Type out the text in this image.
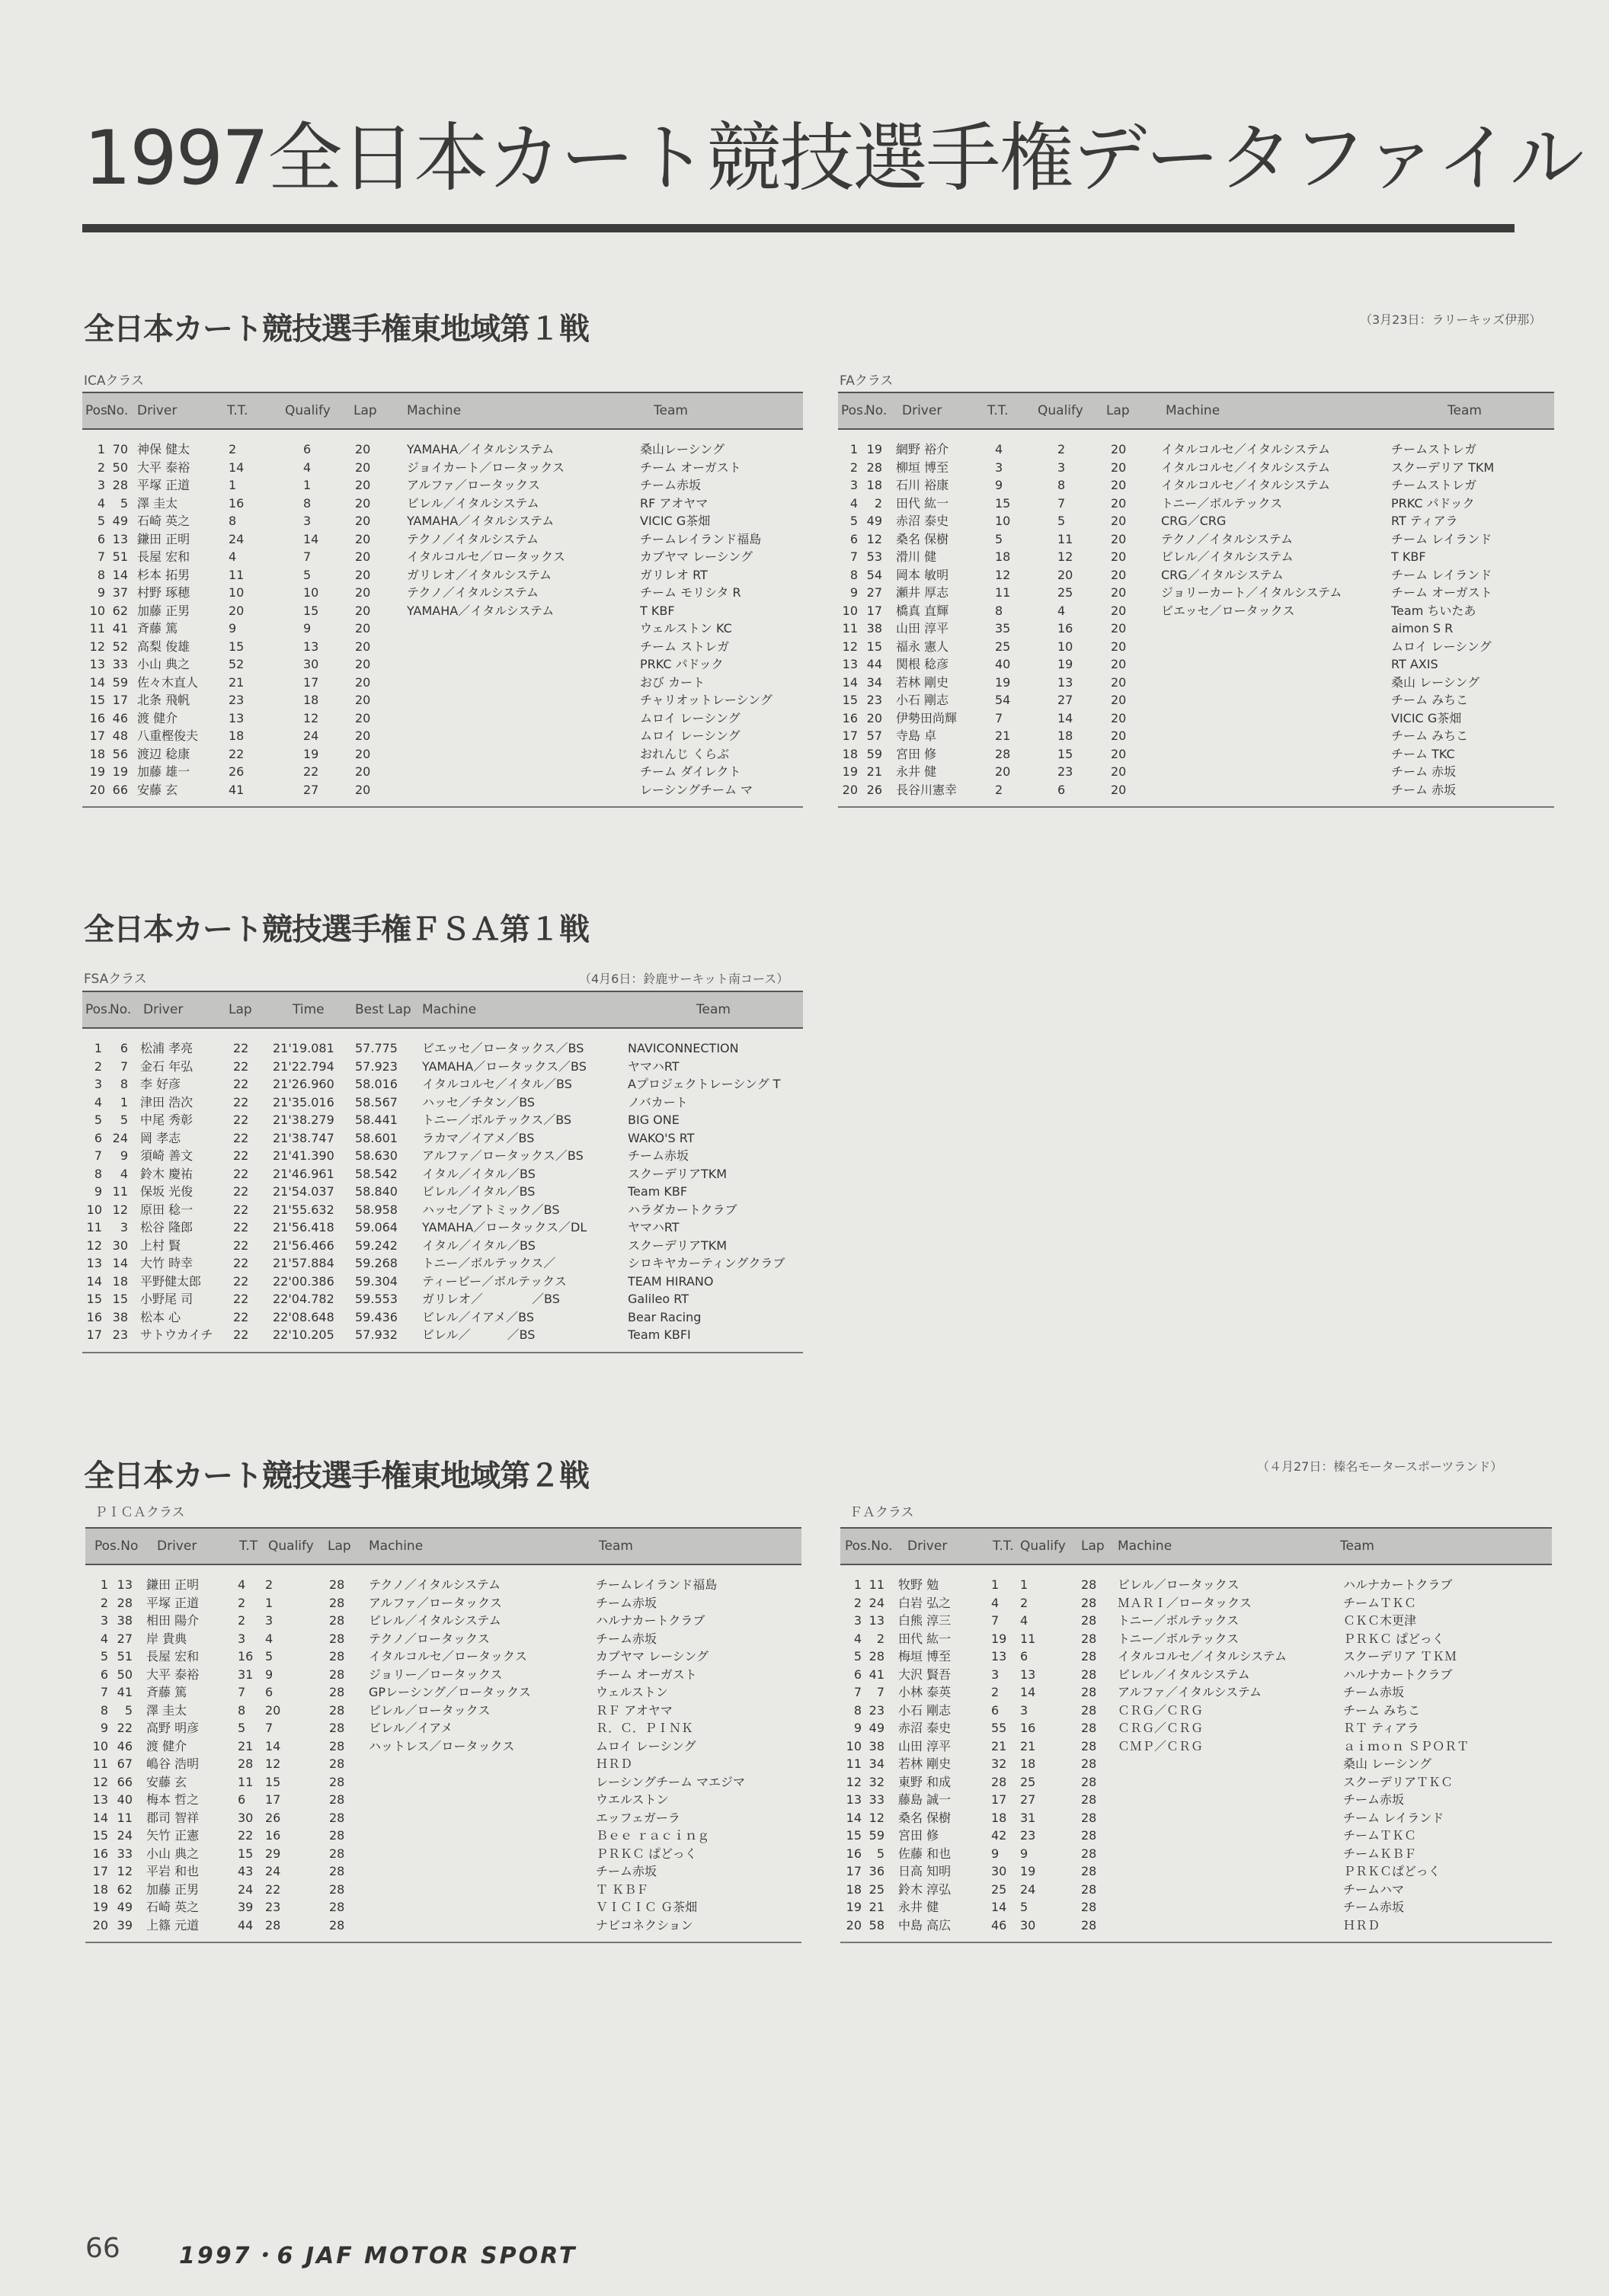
1997全日本カート競技選手権データファイル
全日本カート競技選手権東地域第１戦	（3月23日：ラリーキッズ伊那）
ICAクラス
Pos.
No. Driver	T.T.	Qualify Lap Machine	Team
1 70 神保 健太	2	6	20	YAMAHA／イタルシステム	桑山レーシング
2 50 大平 泰裕	14	4	20	ジョイカート／ロータックス	チーム オーガスト
3 28 平塚 正道	1	1	20	アルファ／ロータックス	チーム赤坂
4	5 澤 圭太	16	8	20	ビレル／イタルシステム	RF アオヤマ
5 49 石崎 英之	8	3	20	YAMAHA／イタルシステム	VICIC G茶畑
6 13 鎌田 正明	24	14	20	テクノ／イタルシステム	チームレイランド福島
7 51 長屋 宏和	4	7	20	イタルコルセ／ロータックス	カブヤマ レーシング
8 14 杉本 拓男	11	5	20	ガリレオ／イタルシステム	ガリレオ RT
9 37 村野 琢穂	10	10	20	テクノ／イタルシステム	チーム モリシタ R
10 62 加藤 正男	20	15	20	YAMAHA／イタルシステム	T KBF
11 41 斉藤 篤	9	9	20	ウェルストン KC
12 52 高梨 俊雄	15	13	20	チーム ストレガ
13 33 小山 典之	52	30	20	PRKC パドック
14 59 佐々木直人	21	17	20	おび カート
15 17 北条 飛帆	23	18	20	チャリオットレーシング
16 46 渡 健介	13	12	20	ムロイ レーシング
17 48 八重樫俊夫	18	24	20	ムロイ レーシング
18 56 渡辺 稔康	22	19	20	おれんじ くらぶ
19 19 加藤 雄一	26	22	20	チーム ダイレクト
20 66 安藤 玄	41	27	20	レーシングチーム マ
FAクラス
Pos.
No. Driver	T.T. Qualify Lap	Machine	Team
1 19 網野 裕介	4	2	20	イタルコルセ／イタルシステム	チームストレガ
2 28 柳垣 博至	3	3	20	イタルコルセ／イタルシステム	スクーデリア TKM
3 18 石川 裕康	9	8	20	イタルコルセ／イタルシステム	チームストレガ
4	2 田代 紘一	15	7	20	トニー／ボルテックス	PRKC パドック
5 49 赤沼 泰史	10	5	20	CRG／CRG	RT ティアラ
6 12 桑名 保樹	5	11	20	テクノ／イタルシステム	チーム レイランド
7 53 滑川 健	18	12	20	ビレル／イタルシステム	T KBF
8 54 岡本 敏明	12	20	20	CRG／イタルシステム	チーム レイランド
9 27 瀬井 厚志	11	25	20	ジョリーカート／イタルシステム	チーム オーガスト
10 17 橋真 直輝	8	4	20	ビエッセ／ロータックス	Team ちいたあ
11 38 山田 淳平	35	16	20	aimon S R
12 15 福永 憲人	25	10	20	ムロイ レーシング
13 44 関根 稔彦	40	19	20	RT AXIS
14 34 若林 剛史	19	13	20	桑山 レーシング
15 23 小石 剛志	54	27	20	チーム みちこ
16 20 伊勢田尚輝	7	14	20	VICIC G茶畑
17 57 寺島 卓	21	18	20	チーム みちこ
18 59 宮田 修	28	15	20	チーム TKC
19 21 永井 健	20	23	20	チーム 赤坂
20 26 長谷川憲幸	2	6	20	チーム 赤坂
全日本カート競技選手権ＦＳＡ第１戦
FSAクラス	（4月6日：鈴鹿サーキット南コース）
Pos.
No. Driver	Lap	Time Best Lap Machine	Team
1	6 松浦 孝亮	22	21'19.081	57.775	ビエッセ／ロータックス／BS	NAVICONNECTION
2	7 金石 年弘	22	21'22.794	57.923	YAMAHA／ロータックス／BS	ヤマハRT
3	8 李 好彦	22	21'26.960	58.016	イタルコルセ／イタル／BS	Aプロジェクトレーシング T
4	1 津田 浩次	22	21'35.016	58.567	ハッセ／チタン／BS	ノバカート
5	5 中尾 秀彰	22	21'38.279	58.441	トニー／ボルテックス／BS	BIG ONE
6 24 岡 孝志	22	21'38.747	58.601	ラカマ／イアメ／BS	WAKO'S RT
7	9 須崎 善文	22	21'41.390	58.630	アルファ／ロータックス／BS	チーム赤坂
8	4 鈴木 慶祐	22	21'46.961	58.542	イタル／イタル／BS	スクーデリアTKM
9 11 保坂 光俊	22	21'54.037	58.840	ビレル／イタル／BS	Team KBF
10 12 原田 稔一	22	21'55.632	58.958	ハッセ／アトミック／BS	ハラダカートクラブ
11	3 松谷 隆郎	22	21'56.418	59.064	YAMAHA／ロータックス／DL	ヤマハRT
12 30 上村 賢	22	21'56.466	59.242	イタル／イタル／BS	スクーデリアTKM
13 14 大竹 時幸	22	21'57.884	59.268	トニー／ボルテックス／	シロキヤカーティングクラブ
14 18 平野健太郎	22	22'00.386	59.304	ティービー／ボルテックス	TEAM HIRANO
15 15 小野尾 司	22	22'04.782	59.553	ガリレオ／　　　　／BS	Galileo RT
16 38 松本 心	22	22'08.648	59.436	ビレル／イアメ／BS	Bear Racing
17 23 サトウカイチ	22	22'10.205	57.932	ビレル／　　　／BS	Team KBFI
全日本カート競技選手権東地域第２戦	（４月27日：榛名モータースポーツランド）
ＰＩＣＡクラス
Pos.No Driver	T.T Qualify Lap Machine	Team
1 13 鎌田 正明	4	2	28	テクノ／イタルシステム	チームレイランド福島
2 28 平塚 正道	2	1	28	アルファ／ロータックス	チーム赤坂
3 38 相田 陽介	2	3	28	ビレル／イタルシステム	ハルナカートクラブ
4 27 岸 貴典	3	4	28	テクノ／ロータックス	チーム赤坂
5 51 長屋 宏和	16 5	28	イタルコルセ／ロータックス	カブヤマ レーシング
6 50 大平 泰裕	31 9	28	ジョリー／ロータックス	チーム オーガスト
7 41 斉藤 篤	7	6	28	GPレーシング／ロータックス	ウェルストン
8	5 澤 圭太	8	20	28	ビレル／ロータックス	ＲＦ アオヤマ
9 22 高野 明彦	5	7	28	ビレル／イアメ	Ｒ．Ｃ．ＰＩＮＫ
10 46 渡 健介	21 14	28	ハットレス／ロータックス	ムロイ レーシング
11 67 嶋谷 浩明	28 12	28	ＨＲＤ
12 66 安藤 玄	11 15	28	レーシングチーム マエジマ
13 40 梅本 哲之	6	17	28	ウエルストン
14 11 郡司 智祥	30 26	28	エッフェガーラ
15 24 矢竹 正憲	22 16	28	Ｂｅｅ ｒａｃｉｎｇ
16 33 小山 典之	15 29	28	ＰＲＫＣ ぱどっく
17 12 平岩 和也	43 24	28	チーム赤坂
18 62 加藤 正男	24 22	28	Ｔ ＫＢＦ
19 49 石崎 英之	39 23	28	ＶＩＣＩＣ Ｇ茶畑
20 39 上篠 元道	44 28	28	ナビコネクション
ＦＡクラス
Pos.No. Driver	T.T. Qualify Lap Machine	Team
1 11 牧野 勉	1	1	28	ビレル／ロータックス	ハルナカートクラブ
2 24 白岩 弘之	4	2	28	ＭＡＲＩ／ロータックス	チームＴＫＣ
3 13 白熊 淳三	7	4	28	トニー／ボルテックス	ＣＫＣ木更津
4	2 田代 紘一	19	11	28	トニー／ボルテックス	ＰＲＫＣ ぱどっく
5 28 梅垣 博至	13	6	28	イタルコルセ／イタルシステム	スクーデリア ＴＫＭ
6 41 大沢 賢吾	3	13	28	ビレル／イタルシステム	ハルナカートクラブ
7	7 小林 泰英	2	14	28	アルファ／イタルシステム	チーム赤坂
8 23 小石 剛志	6	3	28	ＣＲＧ／ＣＲＧ	チーム みちこ
9 49 赤沼 泰史	55	16	28	ＣＲＧ／ＣＲＧ	ＲＴ ティアラ
10 38 山田 淳平	21	21	28	ＣＭＰ／ＣＲＧ	ａｉｍｏｎ ＳＰＯＲＴ
11 34 若林 剛史	32	18	28	桑山 レーシング
12 32 東野 和成	28	25	28	スクーデリアＴＫＣ
13 33 藤島 誠一	17	27	28	チーム赤坂
14 12 桑名 保樹	18	31	28	チーム レイランド
15 59 宮田 修	42	23	28	チームＴＫＣ
16	5 佐藤 和也	9	9	28	チームＫＢＦ
17 36 日高 知明	30	19	28	ＰＲＫＣぱどっく
18 25 鈴木 淳弘	25	24	28	チームハマ
19 21 永井 健	14	5	28	チーム赤坂
20 58 中島 高広	46	30	28	ＨＲＤ
66	1997・6 JAF MOTOR SPORT
